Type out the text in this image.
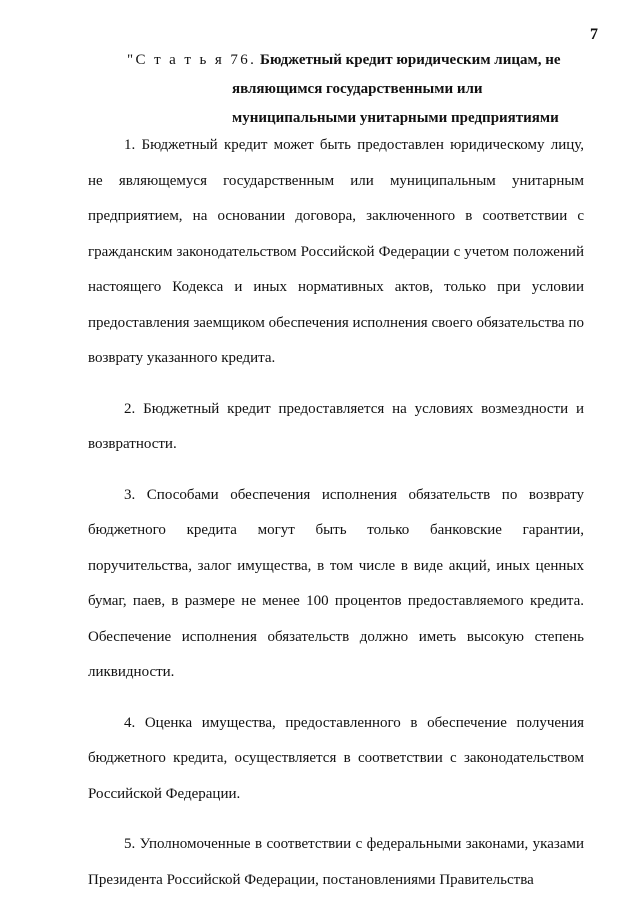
7
"С т а т ь я 76. Бюджетный кредит юридическим лицам, не
являющимся государственными или
муниципальными унитарными предприятиями

1. Бюджетный кредит может быть предоставлен юридическому лицу, не являющемуся государственным или муниципальным унитарным предприятием, на основании договора, заключенного в соответствии с гражданским законодательством Российской Федерации с учетом положений настоящего Кодекса и иных нормативных актов, только при условии предоставления заемщиком обеспечения исполнения своего обязательства по возврату указанного кредита.

2. Бюджетный кредит предоставляется на условиях возмездности и возвратности.

3. Способами обеспечения исполнения обязательств по возврату бюджетного кредита могут быть только банковские гарантии, поручительства, залог имущества, в том числе в виде акций, иных ценных бумаг, паев, в размере не менее 100 процентов предоставляемого кредита. Обеспечение исполнения обязательств должно иметь высокую степень ликвидности.

4. Оценка имущества, предоставленного в обеспечение получения бюджетного кредита, осуществляется в соответствии с законодательством Российской Федерации.

5. Уполномоченные в соответствии с федеральными законами, указами Президента Российской Федерации, постановлениями Правительства
